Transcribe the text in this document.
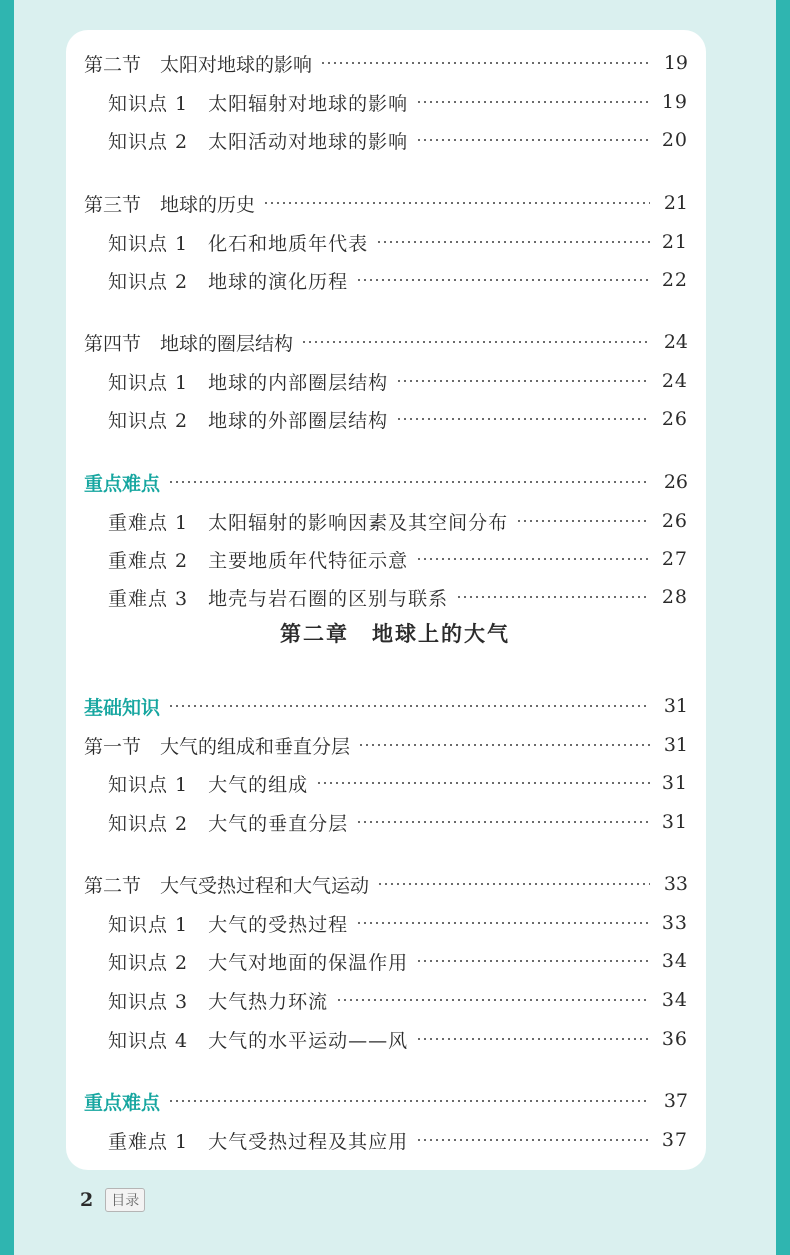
第二节　太阳对地球的影响	19
知识点 1　太阳辐射对地球的影响	19
知识点 2　太阳活动对地球的影响	20
第三节　地球的历史	21
知识点 1　化石和地质年代表	21
知识点 2　地球的演化历程	22
第四节　地球的圈层结构	24
知识点 1　地球的内部圈层结构	24
知识点 2　地球的外部圈层结构	26
重点难点	26
重难点 1　太阳辐射的影响因素及其空间分布	26
重难点 2　主要地质年代特征示意	27
重难点 3　地壳与岩石圈的区别与联系	28
基础知识	31
第一节　大气的组成和垂直分层	31
知识点 1　大气的组成	31
知识点 2　大气的垂直分层	31
第二节　大气受热过程和大气运动	33
知识点 1　大气的受热过程	33
知识点 2　大气对地面的保温作用	34
知识点 3　大气热力环流	34
知识点 4　大气的水平运动——风	36
重点难点	37
重难点 1　大气受热过程及其应用	37
第二章　地球上的大气
2	目录
